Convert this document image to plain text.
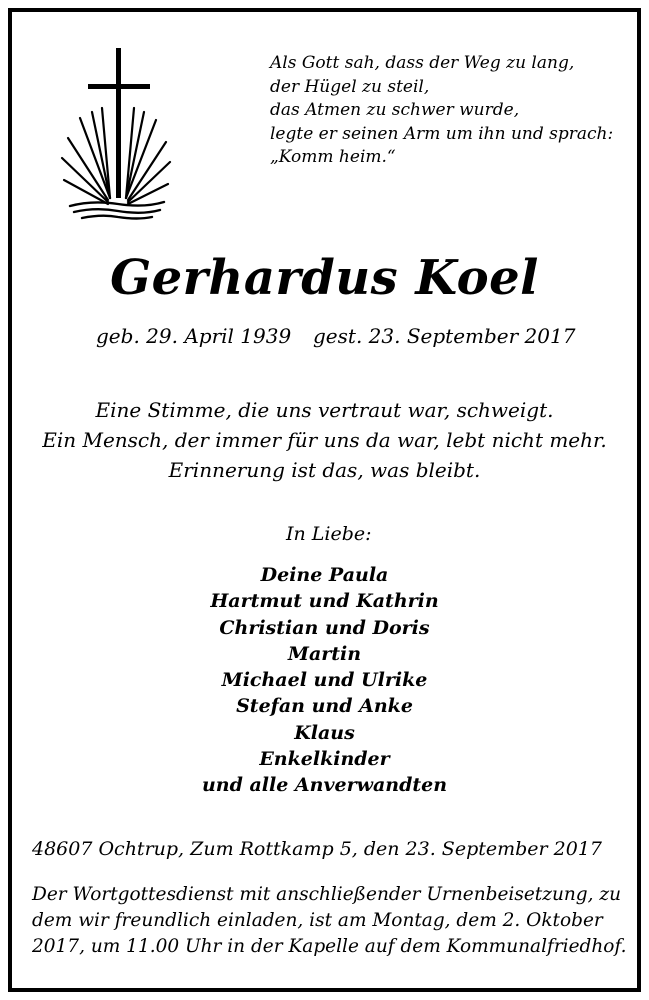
Als Gott sah, dass der Weg zu lang,
der Hügel zu steil,
das Atmen zu schwer wurde,
legte er seinen Arm um ihn und sprach:
„Komm heim.“
Gerhardus Koel
geb. 29. April 1939 gest. 23. September 2017
Eine Stimme, die uns vertraut war, schweigt.
Ein Mensch, der immer für uns da war, lebt nicht mehr.
Erinnerung ist das, was bleibt.
In Liebe:
Deine Paula
Hartmut und Kathrin
Christian und Doris
Martin
Michael und Ulrike
Stefan und Anke
Klaus
Enkelkinder
und alle Anverwandten
48607 Ochtrup, Zum Rottkamp 5, den 23. September 2017
Der Wortgottesdienst mit anschließender Urnenbeisetzung, zu
dem wir freundlich einladen, ist am Montag, dem 2. Oktober
2017, um 11.00 Uhr in der Kapelle auf dem Kommunalfriedhof.
